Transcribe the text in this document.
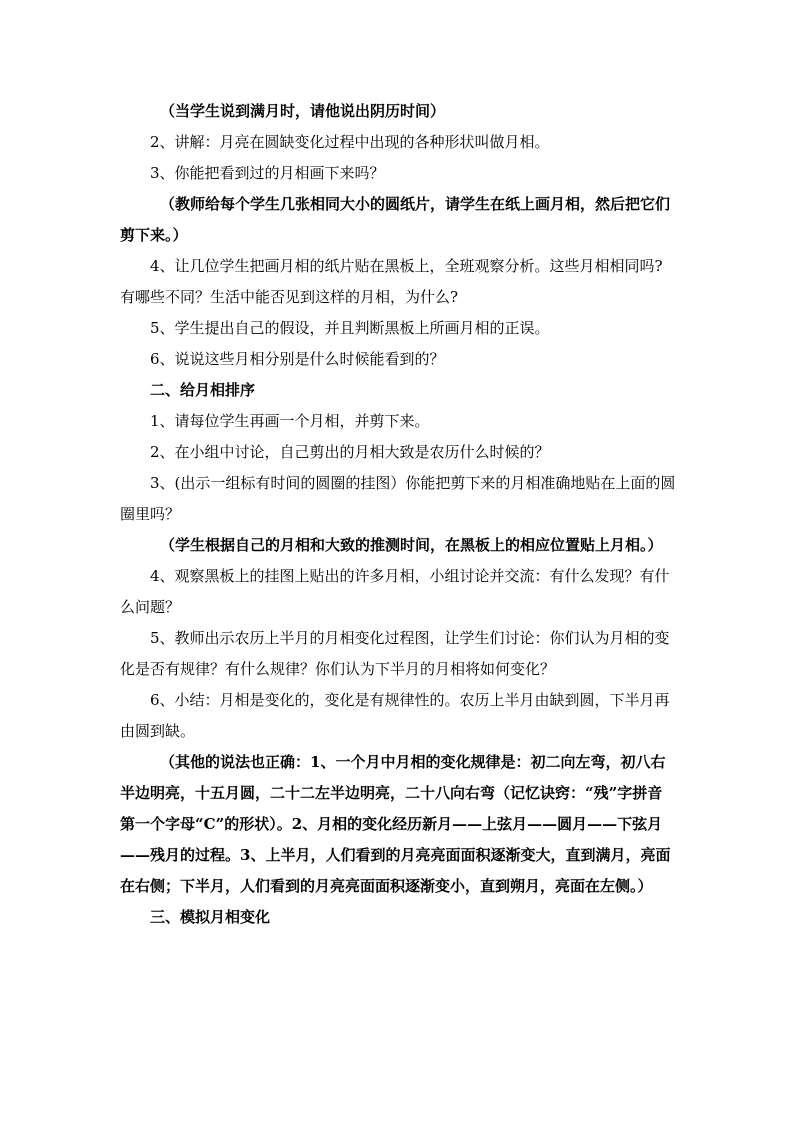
（当学生说到满月时，请他说出阴历时间）

2、讲解：月亮在圆缺变化过程中出现的各种形状叫做月相。

3、你能把看到过的月相画下来吗？

（教师给每个学生几张相同大小的圆纸片，请学生在纸上画月相，然后把它们剪下来。）

4、让几位学生把画月相的纸片贴在黑板上，全班观察分析。这些月相相同吗?有哪些不同？生活中能否见到这样的月相，为什么?

5、学生提出自己的假设，并且判断黑板上所画月相的正误。

6、说说这些月相分别是什么时候能看到的？

二、给月相排序

1、请每位学生再画一个月相，并剪下来。

2、在小组中讨论，自己剪出的月相大致是农历什么时候的？

3、(出示一组标有时间的圆圈的挂图）你能把剪下来的月相准确地贴在上面的圆圈里吗？

（学生根据自己的月相和大致的推测时间，在黑板上的相应位置贴上月相。）

4、观察黑板上的挂图上贴出的许多月相，小组讨论并交流：有什么发现？有什么问题？

5、教师出示农历上半月的月相变化过程图，让学生们讨论：你们认为月相的变化是否有规律？有什么规律？你们认为下半月的月相将如何变化？

6、小结：月相是变化的，变化是有规律性的。农历上半月由缺到圆，下半月再由圆到缺。

（其他的说法也正确：1、一个月中月相的变化规律是：初二向左弯，初八右半边明亮，十五月圆，二十二左半边明亮，二十八向右弯（记忆诀窍：“残”字拼音第一个字母“C”的形状）。2、月相的变化经历新月——上弦月——圆月——下弦月——残月的过程。3、上半月，人们看到的月亮亮面面积逐渐变大，直到满月，亮面在右侧；下半月，人们看到的月亮亮面面积逐渐变小，直到朔月，亮面在左侧。）

三、模拟月相变化
